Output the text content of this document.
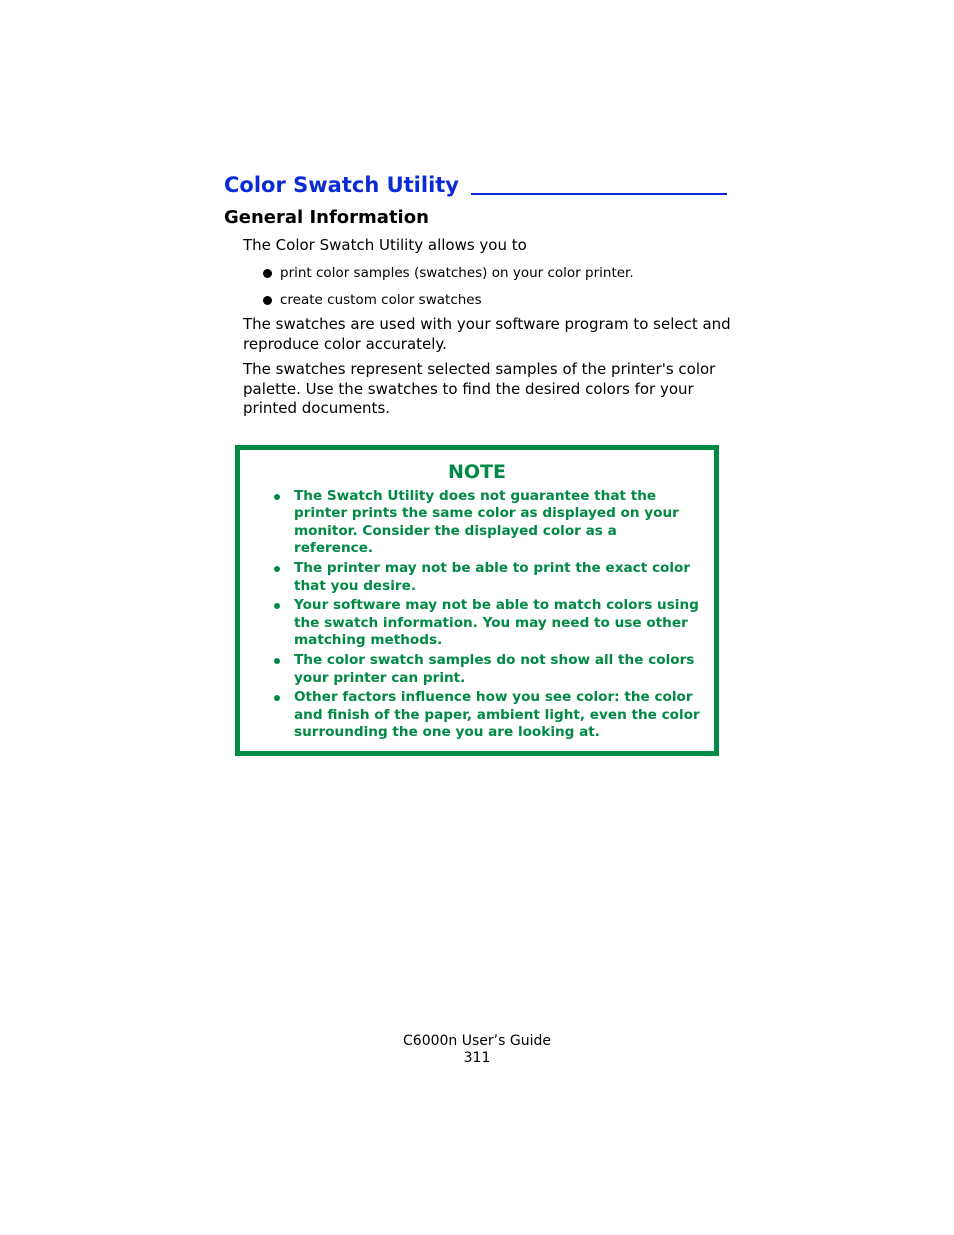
Color Swatch Utility
General Information
The Color Swatch Utility allows you to
print color samples (swatches) on your color printer.
create custom color swatches
The swatches are used with your software program to select and reproduce color accurately.
The swatches represent selected samples of the printer's color palette. Use the swatches to find the desired colors for your printed documents.
NOTE
The Swatch Utility does not guarantee that the printer prints the same color as displayed on your monitor. Consider the displayed color as a reference.
The printer may not be able to print the exact color that you desire.
Your software may not be able to match colors using the swatch information. You may need to use other matching methods.
The color swatch samples do not show all the colors your printer can print.
Other factors influence how you see color: the color and finish of the paper, ambient light, even the color surrounding the one you are looking at.
C6000n User’s Guide
311
